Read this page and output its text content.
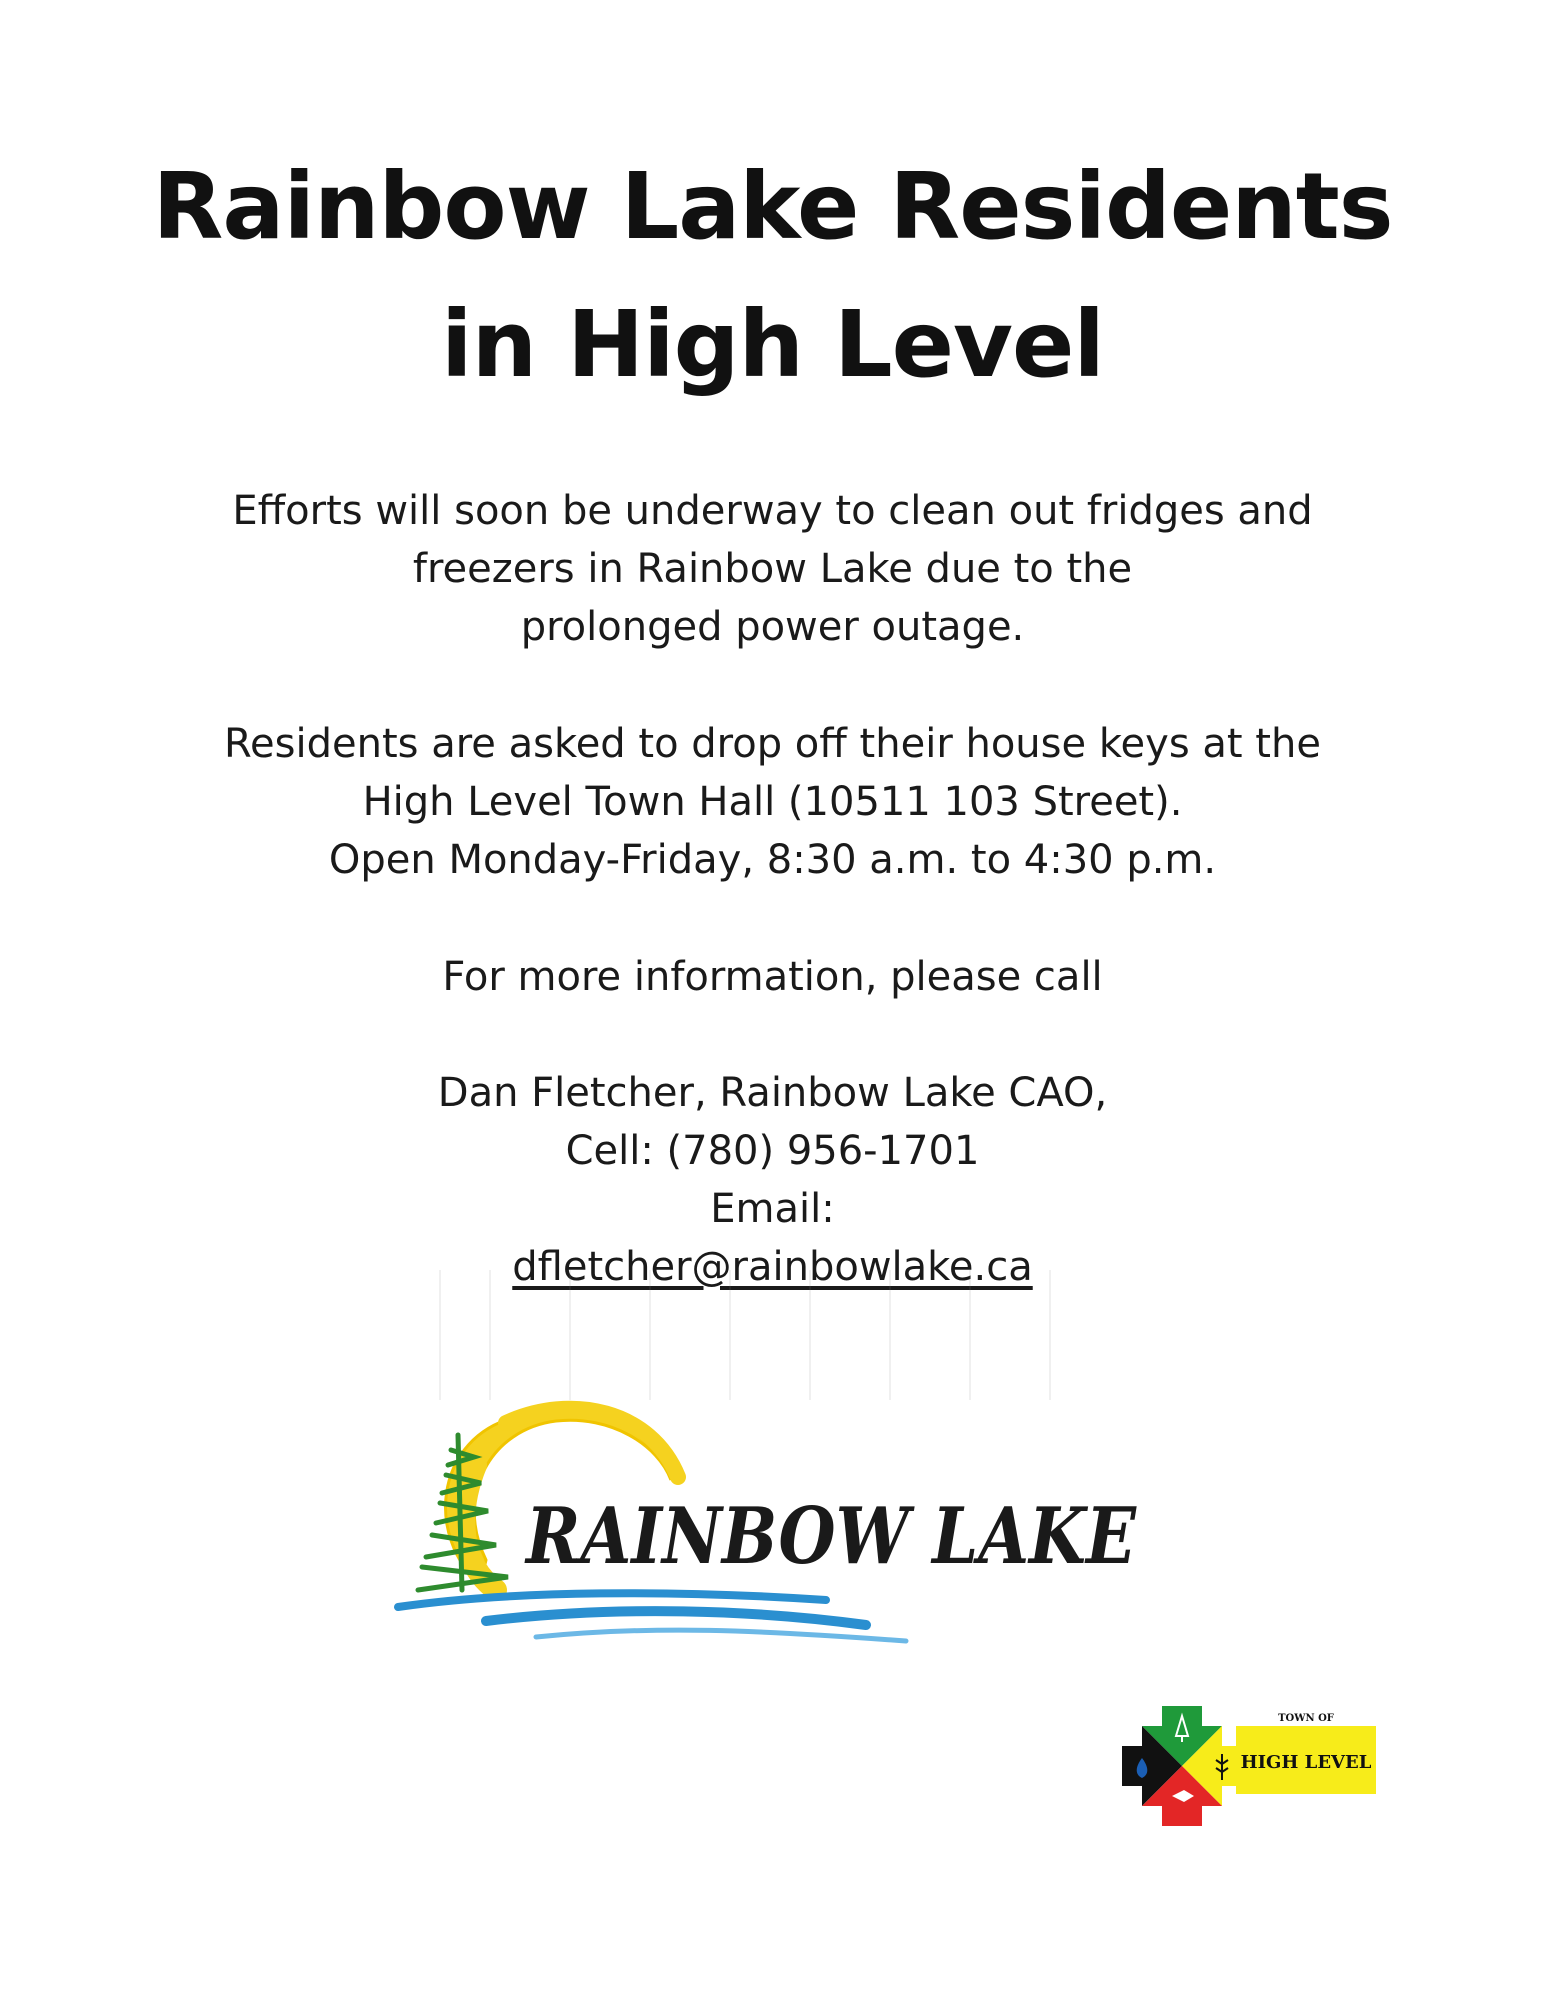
Rainbow Lake Residents
in High Level

Efforts will soon be underway to clean out fridges and
freezers in Rainbow Lake due to the
prolonged power outage.

Residents are asked to drop off their house keys at the
High Level Town Hall (10511 103 Street).
Open Monday-Friday, 8:30 a.m. to 4:30 p.m.

For more information, please call

Dan Fletcher, Rainbow Lake CAO,
Cell: (780) 956-1701
Email:
dfletcher@rainbowlake.ca

RAINBOW LAKE
TOWN OF
HIGH LEVEL
